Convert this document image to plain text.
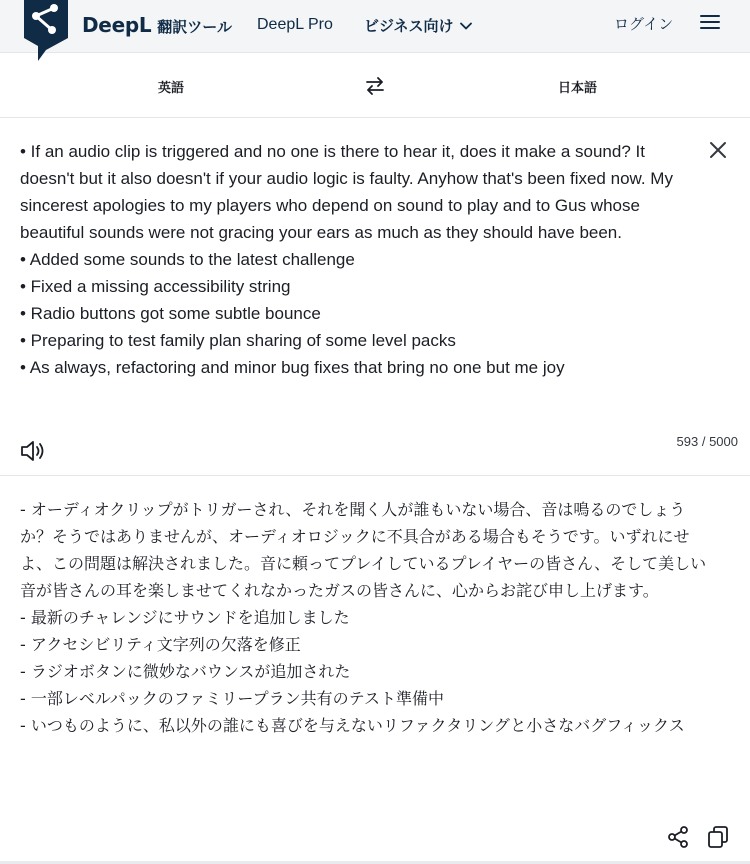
DeepL 翻訳ツール DeepL Pro ビジネス向け	ログイン
英語	日本語
• If an audio clip is triggered and no one is there to hear it, does it make a sound? It doesn't but it also doesn't if your audio logic is faulty. Anyhow that's been fixed now. My sincerest apologies to my players who depend on sound to play and to Gus whose beautiful sounds were not gracing your ears as much as they should have been.
• Added some sounds to the latest challenge
• Fixed a missing accessibility string
• Radio buttons got some subtle bounce
• Preparing to test family plan sharing of some level packs
• As always, refactoring and minor bug fixes that bring no one but me joy
593 / 5000
- オーディオクリップがトリガーされ、それを聞く人が誰もいない場合、音は鳴るのでしょうか？そうではありませんが、オーディオロジックに不具合がある場合もそうです。いずれにせよ、この問題は解決されました。音に頼ってプレイしているプレイヤーの皆さん、そして美しい音が皆さんの耳を楽しませてくれなかったガスの皆さんに、心からお詫び申し上げます。
- 最新のチャレンジにサウンドを追加しました
- アクセシビリティ文字列の欠落を修正
- ラジオボタンに微妙なバウンスが追加された
- 一部レベルパックのファミリープラン共有のテスト準備中
- いつものように、私以外の誰にも喜びを与えないリファクタリングと小さなバグフィックス
